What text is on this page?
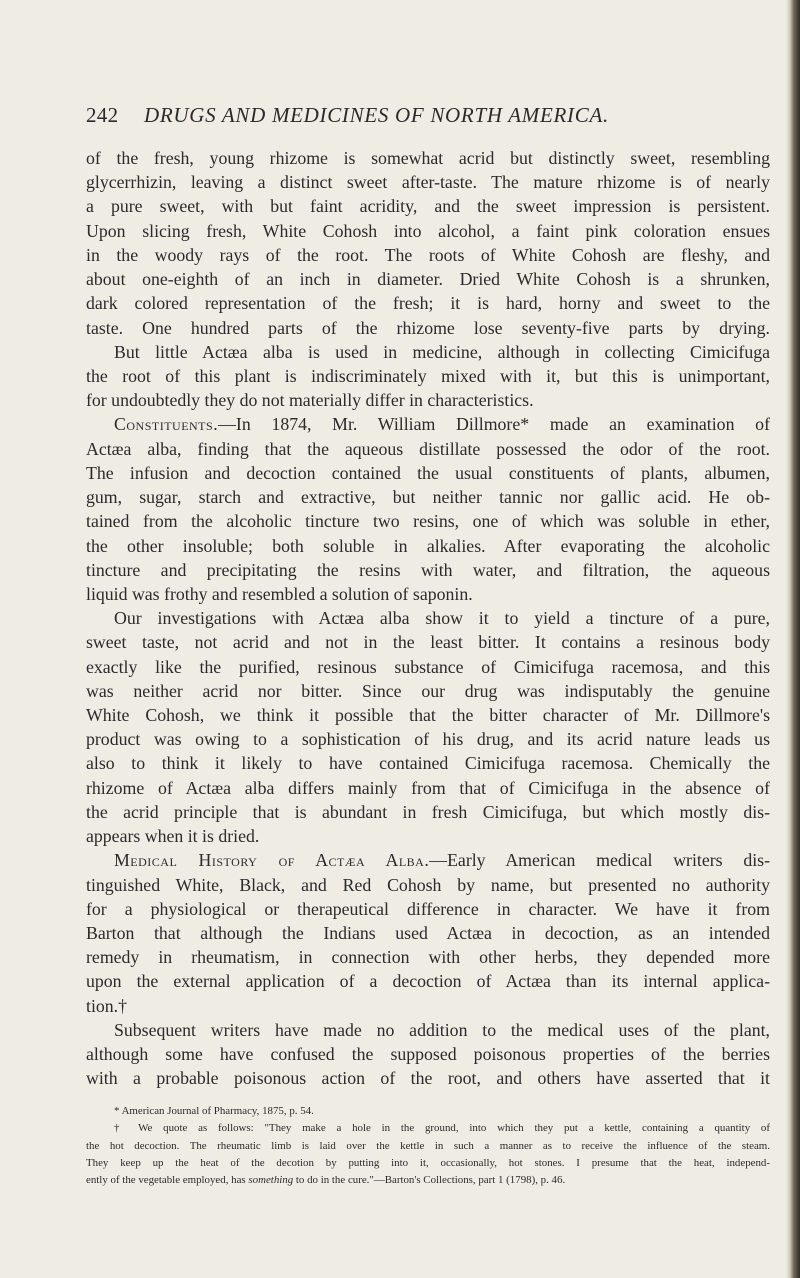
242 DRUGS AND MEDICINES OF NORTH AMERICA.
of the fresh, young rhizome is somewhat acrid but distinctly sweet, resembling
glycerrhizin, leaving a distinct sweet after-taste. The mature rhizome is of nearly
a pure sweet, with but faint acridity, and the sweet impression is persistent.
Upon slicing fresh, White Cohosh into alcohol, a faint pink coloration ensues
in the woody rays of the root. The roots of White Cohosh are fleshy, and
about one-eighth of an inch in diameter. Dried White Cohosh is a shrunken,
dark colored representation of the fresh; it is hard, horny and sweet to the
taste. One hundred parts of the rhizome lose seventy-five parts by drying.
But little Actæa alba is used in medicine, although in collecting Cimicifuga
the root of this plant is indiscriminately mixed with it, but this is unimportant,
for undoubtedly they do not materially differ in characteristics.
Constituents.—In 1874, Mr. William Dillmore* made an examination of
Actæa alba, finding that the aqueous distillate possessed the odor of the root.
The infusion and decoction contained the usual constituents of plants, albumen,
gum, sugar, starch and extractive, but neither tannic nor gallic acid. He ob-
tained from the alcoholic tincture two resins, one of which was soluble in ether,
the other insoluble; both soluble in alkalies. After evaporating the alcoholic
tincture and precipitating the resins with water, and filtration, the aqueous
liquid was frothy and resembled a solution of saponin.
Our investigations with Actæa alba show it to yield a tincture of a pure,
sweet taste, not acrid and not in the least bitter. It contains a resinous body
exactly like the purified, resinous substance of Cimicifuga racemosa, and this
was neither acrid nor bitter. Since our drug was indisputably the genuine
White Cohosh, we think it possible that the bitter character of Mr. Dillmore's
product was owing to a sophistication of his drug, and its acrid nature leads us
also to think it likely to have contained Cimicifuga racemosa. Chemically the
rhizome of Actæa alba differs mainly from that of Cimicifuga in the absence of
the acrid principle that is abundant in fresh Cimicifuga, but which mostly dis-
appears when it is dried.
Medical History of Actæa Alba.—Early American medical writers dis-
tinguished White, Black, and Red Cohosh by name, but presented no authority
for a physiological or therapeutical difference in character. We have it from
Barton that although the Indians used Actæa in decoction, as an intended
remedy in rheumatism, in connection with other herbs, they depended more
upon the external application of a decoction of Actæa than its internal applica-
tion.†
Subsequent writers have made no addition to the medical uses of the plant,
although some have confused the supposed poisonous properties of the berries
with a probable poisonous action of the root, and others have asserted that it
* American Journal of Pharmacy, 1875, p. 54.
† We quote as follows: "They make a hole in the ground, into which they put a kettle, containing a quantity of
the hot decoction. The rheumatic limb is laid over the kettle in such a manner as to receive the influence of the steam.
They keep up the heat of the decotion by putting into it, occasionally, hot stones. I presume that the heat, independ-
ently of the vegetable employed, has something to do in the cure."—Barton's Collections, part 1 (1798), p. 46.
